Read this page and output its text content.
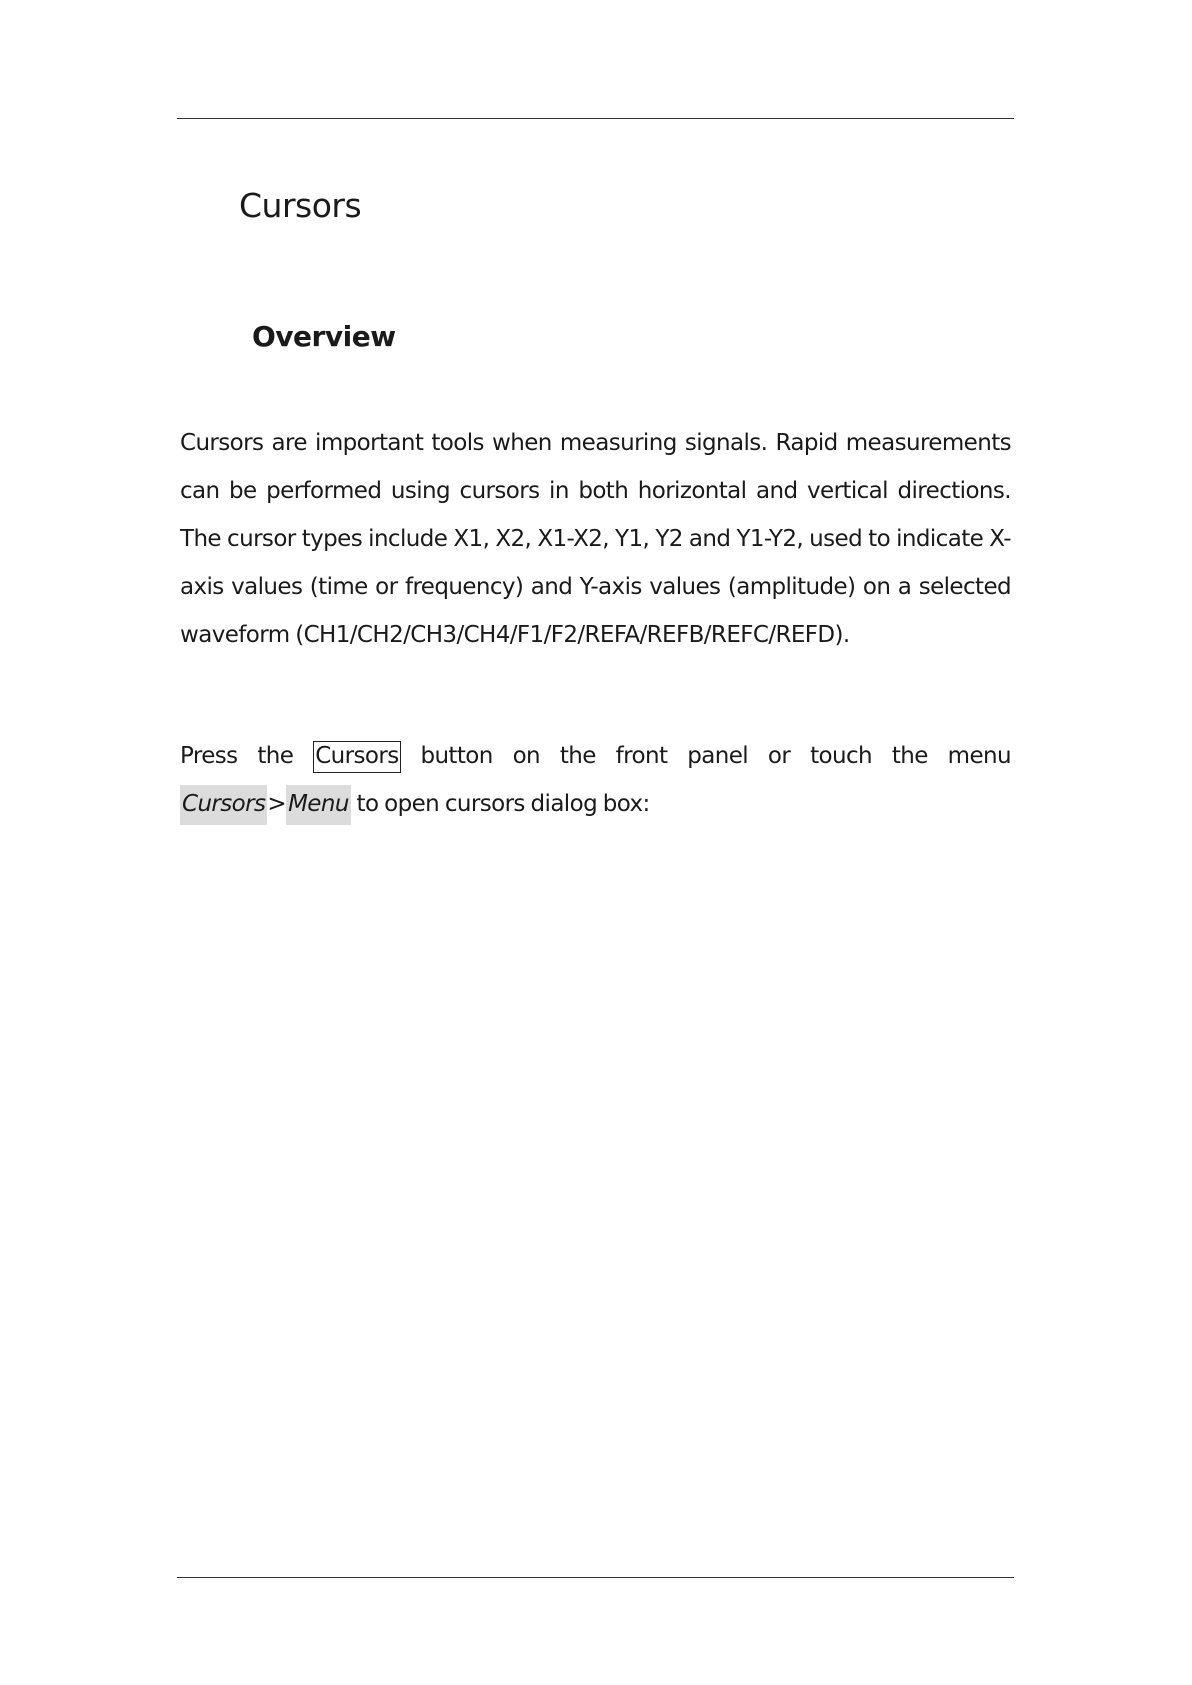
Cursors
Overview
Cursors are important tools when measuring signals. Rapid measurements
can be performed using cursors in both horizontal and vertical directions.
The cursor types include X1, X2, X1-X2, Y1, Y2 and Y1-Y2, used to indicate X-
axis values (time or frequency) and Y-axis values (amplitude) on a selected
waveform (CH1/CH2/CH3/CH4/F1/F2/REFA/REFB/REFC/REFD).
Press the Cursors button on the front panel or touch the menu
Cursors>Menu to open cursors dialog box:
